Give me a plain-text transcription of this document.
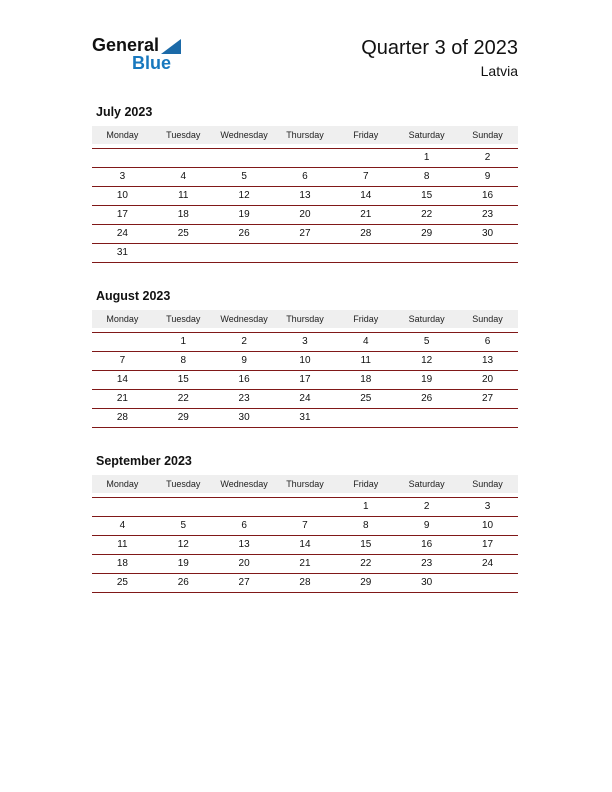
General
Blue
Quarter 3 of 2023
Latvia
July 2023
Monday	Tuesday	Wednesday	Thursday	Friday	Saturday	Sunday
					1	2
3	4	5	6	7	8	9
10	11	12	13	14	15	16
17	18	19	20	21	22	23
24	25	26	27	28	29	30
31						
August 2023
Monday	Tuesday	Wednesday	Thursday	Friday	Saturday	Sunday
	1	2	3	4	5	6
7	8	9	10	11	12	13
14	15	16	17	18	19	20
21	22	23	24	25	26	27
28	29	30	31			
September 2023
Monday	Tuesday	Wednesday	Thursday	Friday	Saturday	Sunday
				1	2	3
4	5	6	7	8	9	10
11	12	13	14	15	16	17
18	19	20	21	22	23	24
25	26	27	28	29	30	
